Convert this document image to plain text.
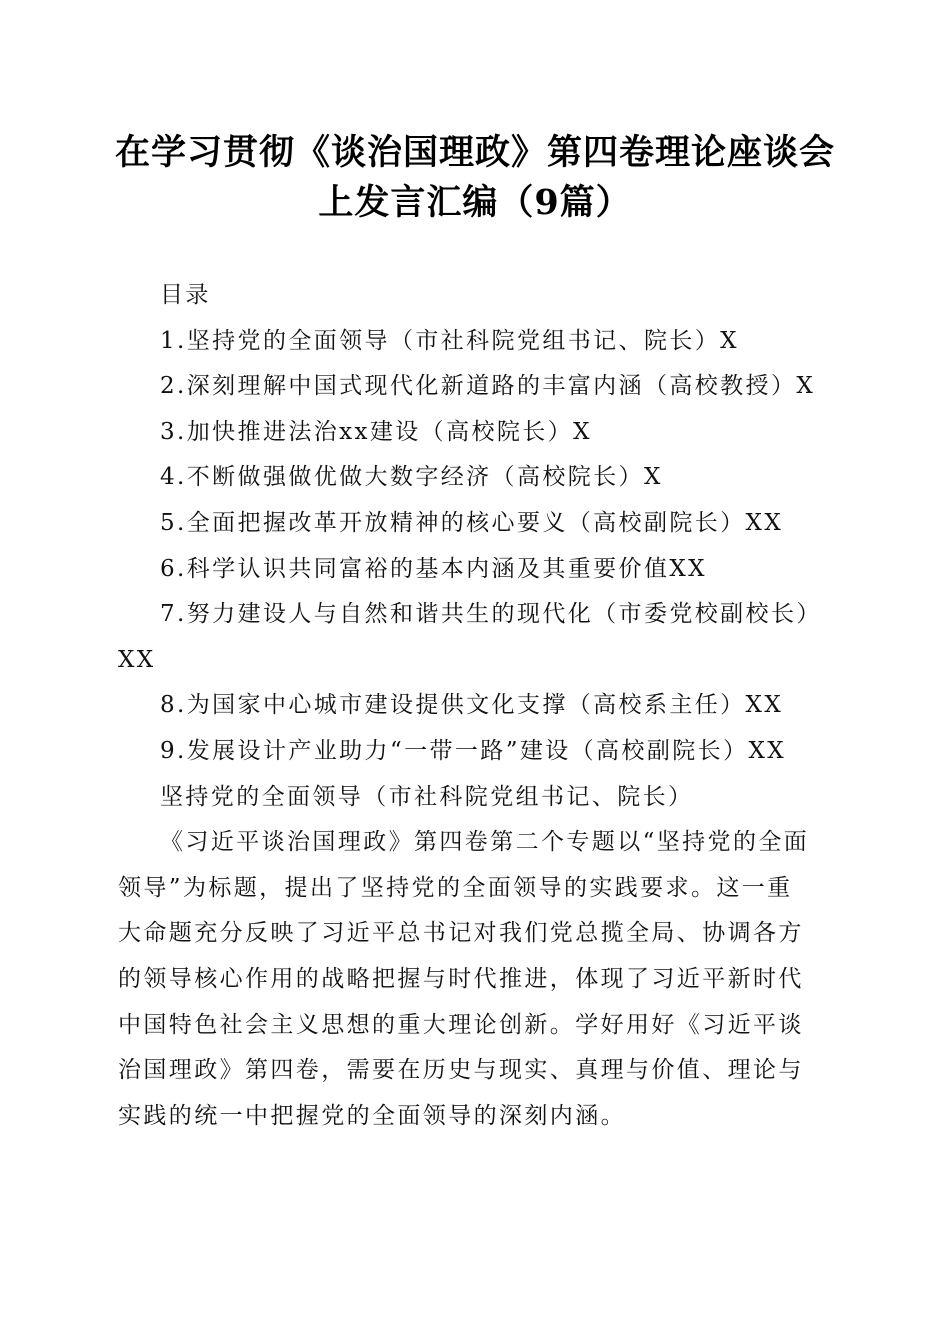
在学习贯彻《谈治国理政》第四卷理论座谈会
上发言汇编（9篇）
目录
1.坚持党的全面领导（市社科院党组书记、院长）X
2.深刻理解中国式现代化新道路的丰富内涵（高校教授）X
3.加快推进法治xx建设（高校院长）X
4.不断做强做优做大数字经济（高校院长）X
5.全面把握改革开放精神的核心要义（高校副院长）XX
6.科学认识共同富裕的基本内涵及其重要价值XX
7.努力建设人与自然和谐共生的现代化（市委党校副校长）
XX
8.为国家中心城市建设提供文化支撑（高校系主任）XX
9.发展设计产业助力“一带一路”建设（高校副院长）XX
坚持党的全面领导（市社科院党组书记、院长）
《习近平谈治国理政》第四卷第二个专题以“坚持党的全面
领导”为标题，提出了坚持党的全面领导的实践要求。这一重
大命题充分反映了习近平总书记对我们党总揽全局、协调各方
的领导核心作用的战略把握与时代推进，体现了习近平新时代
中国特色社会主义思想的重大理论创新。学好用好《习近平谈
治国理政》第四卷，需要在历史与现实、真理与价值、理论与
实践的统一中把握党的全面领导的深刻内涵。
